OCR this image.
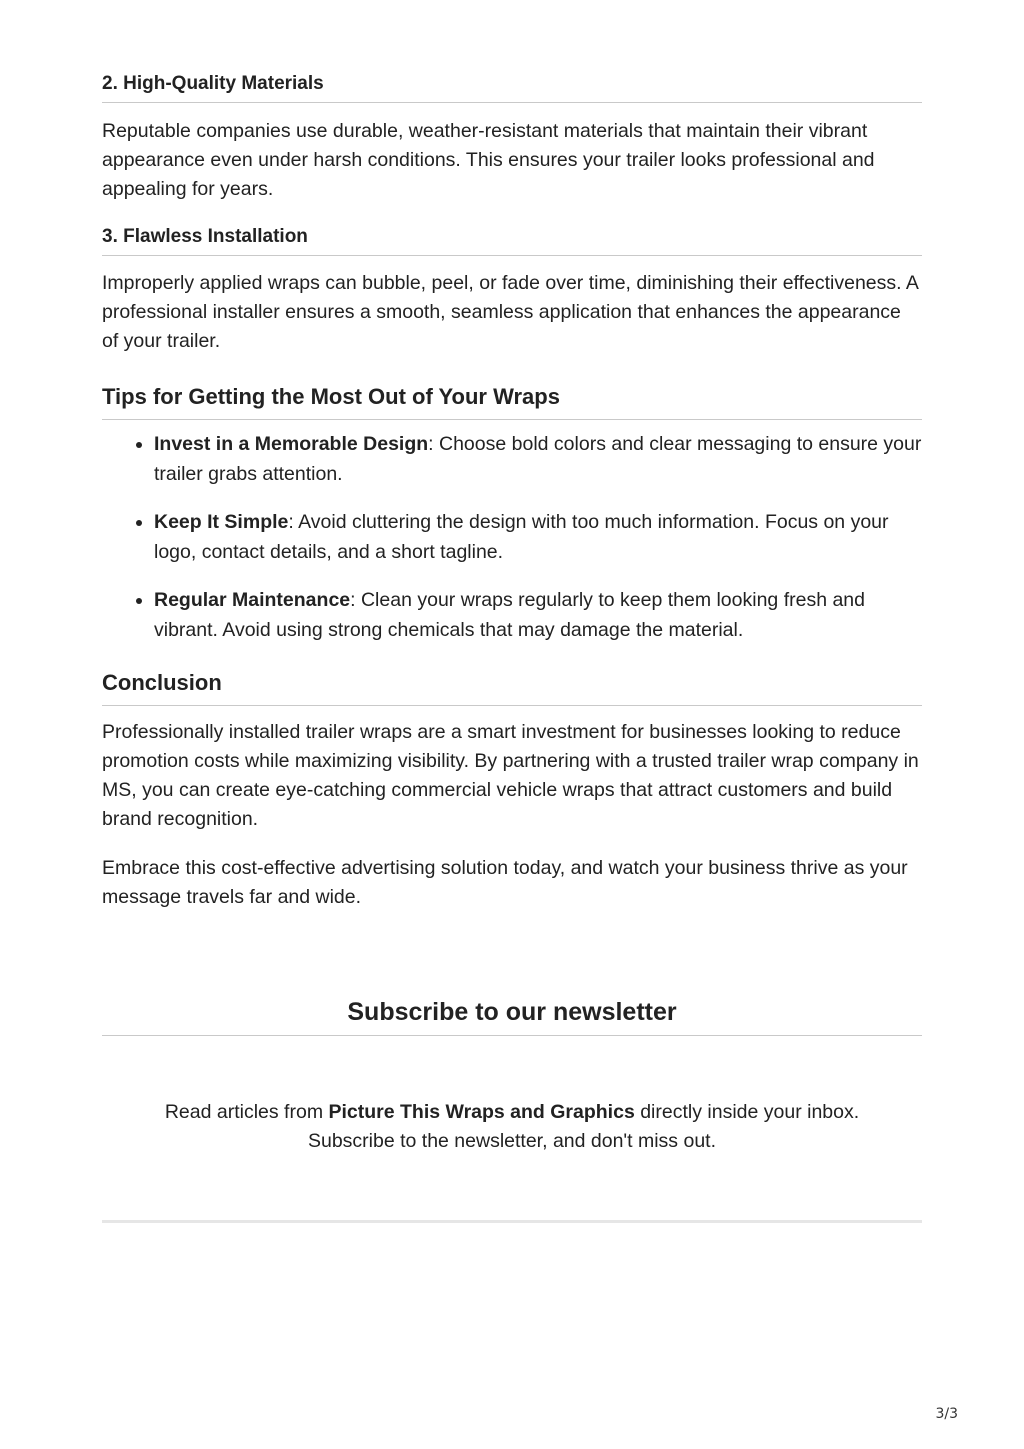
2. High-Quality Materials

Reputable companies use durable, weather-resistant materials that maintain their vibrant appearance even under harsh conditions. This ensures your trailer looks professional and appealing for years.

3. Flawless Installation

Improperly applied wraps can bubble, peel, or fade over time, diminishing their effectiveness. A professional installer ensures a smooth, seamless application that enhances the appearance of your trailer.

Tips for Getting the Most Out of Your Wraps
• Invest in a Memorable Design: Choose bold colors and clear messaging to ensure your trailer grabs attention.
• Keep It Simple: Avoid cluttering the design with too much information. Focus on your logo, contact details, and a short tagline.
• Regular Maintenance: Clean your wraps regularly to keep them looking fresh and vibrant. Avoid using strong chemicals that may damage the material.
Conclusion

Professionally installed trailer wraps are a smart investment for businesses looking to reduce promotion costs while maximizing visibility. By partnering with a trusted trailer wrap company in MS, you can create eye-catching commercial vehicle wraps that attract customers and build brand recognition.

Embrace this cost-effective advertising solution today, and watch your business thrive as your message travels far and wide.

Subscribe to our newsletter

Read articles from Picture This Wraps and Graphics directly inside your inbox.
Subscribe to the newsletter, and don't miss out.

3/3
